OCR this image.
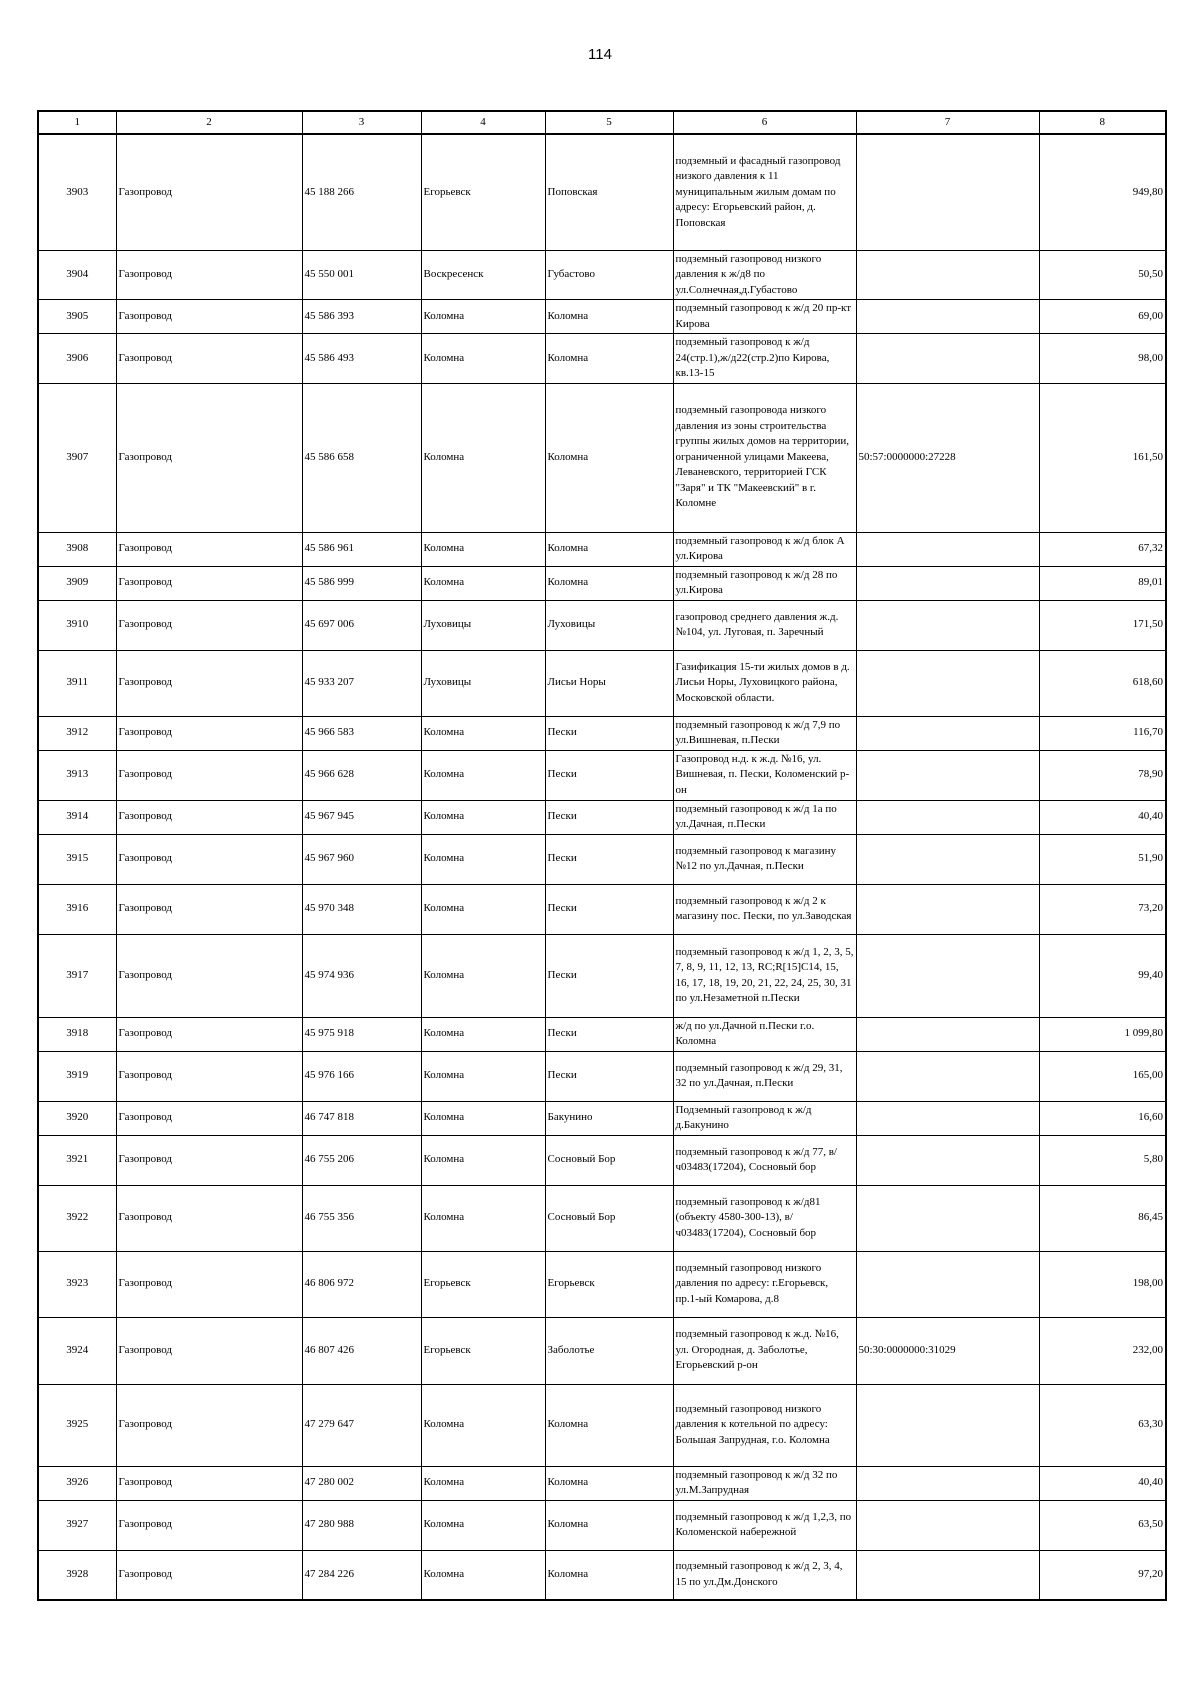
114
1	2	3	4	5	6	7	8
3903	Газопровод	45 188 266	Егорьевск	Поповская	подземный и фасадный газопровод низкого давления к 11 муниципальным жилым домам по адресу: Егорьевский район, д. Поповская		949,80
3904	Газопровод	45 550 001	Воскресенск	Губастово	подземный газопровод низкого давления к ж/д8 по ул.Солнечная,д.Губастово		50,50
3905	Газопровод	45 586 393	Коломна	Коломна	подземный газопровод к ж/д 20 пр-кт Кирова		69,00
3906	Газопровод	45 586 493	Коломна	Коломна	подземный газопровод к ж/д 24(стр.1),ж/д22(стр.2)по Кирова, кв.13-15		98,00
3907	Газопровод	45 586 658	Коломна	Коломна	подземный газопровода низкого давления из зоны строительства группы жилых домов на территории, ограниченной улицами Макеева, Леваневского, территорией ГСК "Заря" и ТК "Макеевский" в г. Коломне	50:57:0000000:27228	161,50
3908	Газопровод	45 586 961	Коломна	Коломна	подземный газопровод к ж/д блок А ул.Кирова		67,32
3909	Газопровод	45 586 999	Коломна	Коломна	подземный газопровод к ж/д 28 по ул.Кирова		89,01
3910	Газопровод	45 697 006	Луховицы	Луховицы	газопровод среднего давления ж.д. №104, ул. Луговая, п. Заречный		171,50
3911	Газопровод	45 933 207	Луховицы	Лисьи Норы	Газификация 15-ти жилых домов в д. Лисьи Норы, Луховицкого района, Московской области.		618,60
3912	Газопровод	45 966 583	Коломна	Пески	подземный газопровод к ж/д 7,9 по ул.Вишневая, п.Пески		116,70
3913	Газопровод	45 966 628	Коломна	Пески	Газопровод н.д. к ж.д. №16, ул. Вишневая, п. Пески, Коломенский р-он		78,90
3914	Газопровод	45 967 945	Коломна	Пески	подземный газопровод к ж/д 1а по ул.Дачная, п.Пески		40,40
3915	Газопровод	45 967 960	Коломна	Пески	подземный газопровод к магазину №12 по ул.Дачная, п.Пески		51,90
3916	Газопровод	45 970 348	Коломна	Пески	подземный газопровод к ж/д 2 к магазину пос. Пески, по ул.Заводская		73,20
3917	Газопровод	45 974 936	Коломна	Пески	подземный газопровод к ж/д 1, 2, 3, 5, 7, 8, 9, 11, 12, 13, RC;R[15]C14, 15, 16, 17, 18, 19, 20, 21, 22, 24, 25, 30, 31 по ул.Незаметной п.Пески		99,40
3918	Газопровод	45 975 918	Коломна	Пески	ж/д по ул.Дачной п.Пески г.о. Коломна		1 099,80
3919	Газопровод	45 976 166	Коломна	Пески	подземный газопровод к ж/д 29, 31, 32 по ул.Дачная, п.Пески		165,00
3920	Газопровод	46 747 818	Коломна	Бакунино	Подземный газопровод к ж/д д.Бакунино		16,60
3921	Газопровод	46 755 206	Коломна	Сосновый Бор	подземный газопровод к ж/д 77, в/ч03483(17204), Сосновый бор		5,80
3922	Газопровод	46 755 356	Коломна	Сосновый Бор	подземный газопровод к ж/д81 (объекту 4580-300-13), в/ч03483(17204), Сосновый бор		86,45
3923	Газопровод	46 806 972	Егорьевск	Егорьевск	подземный газопровод низкого давления по адресу: г.Егорьевск, пр.1-ый Комарова, д.8		198,00
3924	Газопровод	46 807 426	Егорьевск	Заболотье	подземный газопровод к ж.д. №16, ул. Огородная, д. Заболотье, Егорьевский р-он	50:30:0000000:31029	232,00
3925	Газопровод	47 279 647	Коломна	Коломна	подземный газопровод низкого давления к котельной по адресу: Большая Запрудная, г.о. Коломна		63,30
3926	Газопровод	47 280 002	Коломна	Коломна	подземный газопровод к ж/д 32 по ул.М.Запрудная		40,40
3927	Газопровод	47 280 988	Коломна	Коломна	подземный газопровод к ж/д 1,2,3, по Коломенской набережной		63,50
3928	Газопровод	47 284 226	Коломна	Коломна	подземный газопровод к ж/д 2, 3, 4, 15 по ул.Дм.Донского		97,20
